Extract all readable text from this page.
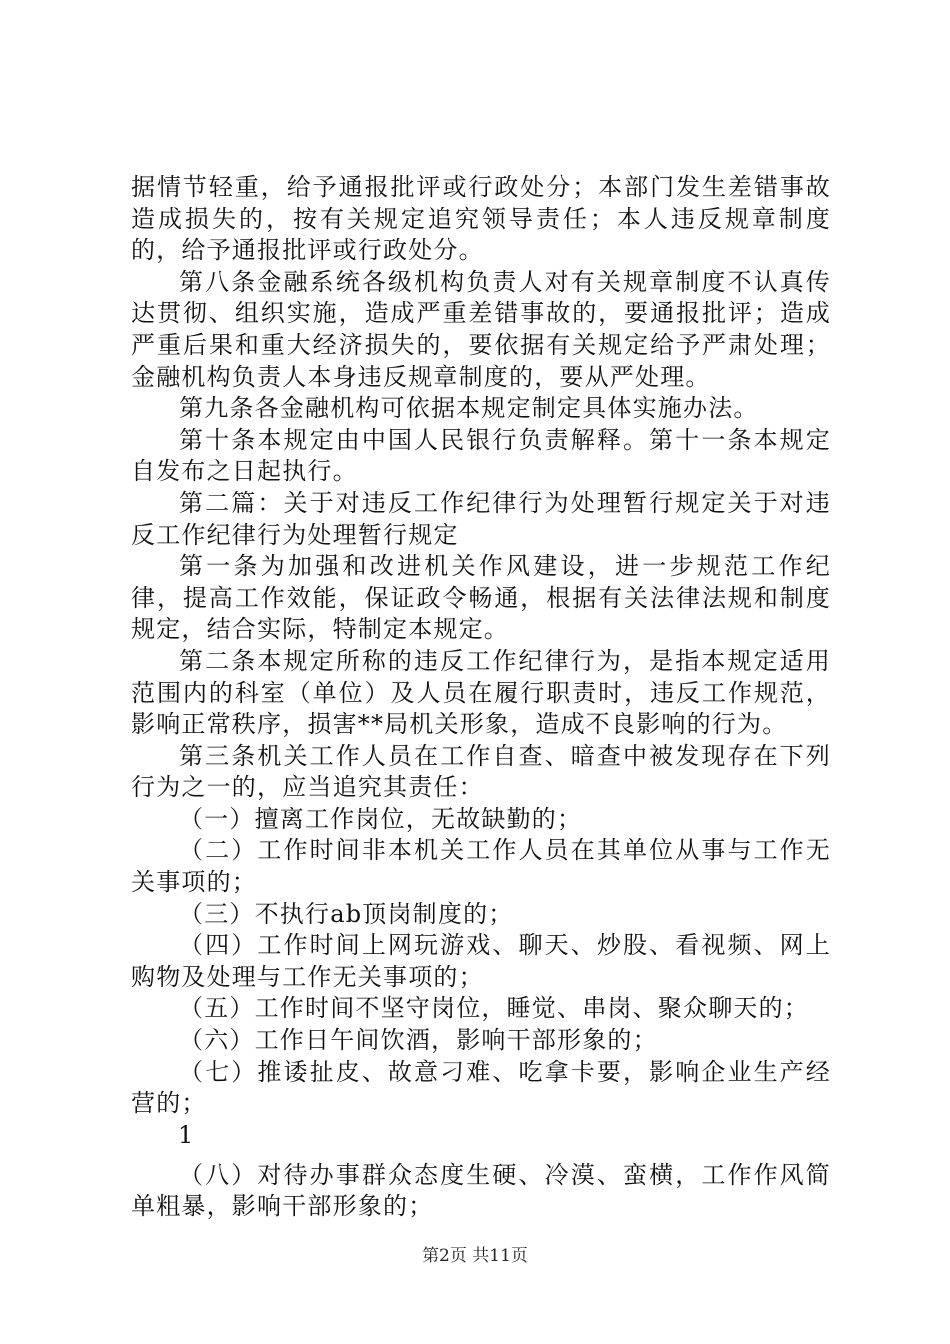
据情节轻重，给予通报批评或行政处分；本部门发生差错事故造成损失的，按有关规定追究领导责任；本人违反规章制度的，给予通报批评或行政处分。

第八条金融系统各级机构负责人对有关规章制度不认真传达贯彻、组织实施，造成严重差错事故的，要通报批评；造成严重后果和重大经济损失的，要依据有关规定给予严肃处理；金融机构负责人本身违反规章制度的，要从严处理。

第九条各金融机构可依据本规定制定具体实施办法。

第十条本规定由中国人民银行负责解释。第十一条本规定自发布之日起执行。

第二篇：关于对违反工作纪律行为处理暂行规定关于对违反工作纪律行为处理暂行规定

第一条为加强和改进机关作风建设，进一步规范工作纪律，提高工作效能，保证政令畅通，根据有关法律法规和制度规定，结合实际，特制定本规定。

第二条本规定所称的违反工作纪律行为，是指本规定适用范围内的科室（单位）及人员在履行职责时，违反工作规范，影响正常秩序，损害**局机关形象，造成不良影响的行为。

第三条机关工作人员在工作自查、暗查中被发现存在下列行为之一的，应当追究其责任：

（一）擅离工作岗位，无故缺勤的；

（二）工作时间非本机关工作人员在其单位从事与工作无关事项的；

（三）不执行ab顶岗制度的；

（四）工作时间上网玩游戏、聊天、炒股、看视频、网上购物及处理与工作无关事项的；

（五）工作时间不坚守岗位，睡觉、串岗、聚众聊天的；

（六）工作日午间饮酒，影响干部形象的；

（七）推诿扯皮、故意刁难、吃拿卡要，影响企业生产经营的；

1

（八）对待办事群众态度生硬、冷漠、蛮横，工作作风简单粗暴，影响干部形象的；

第2页 共11页
